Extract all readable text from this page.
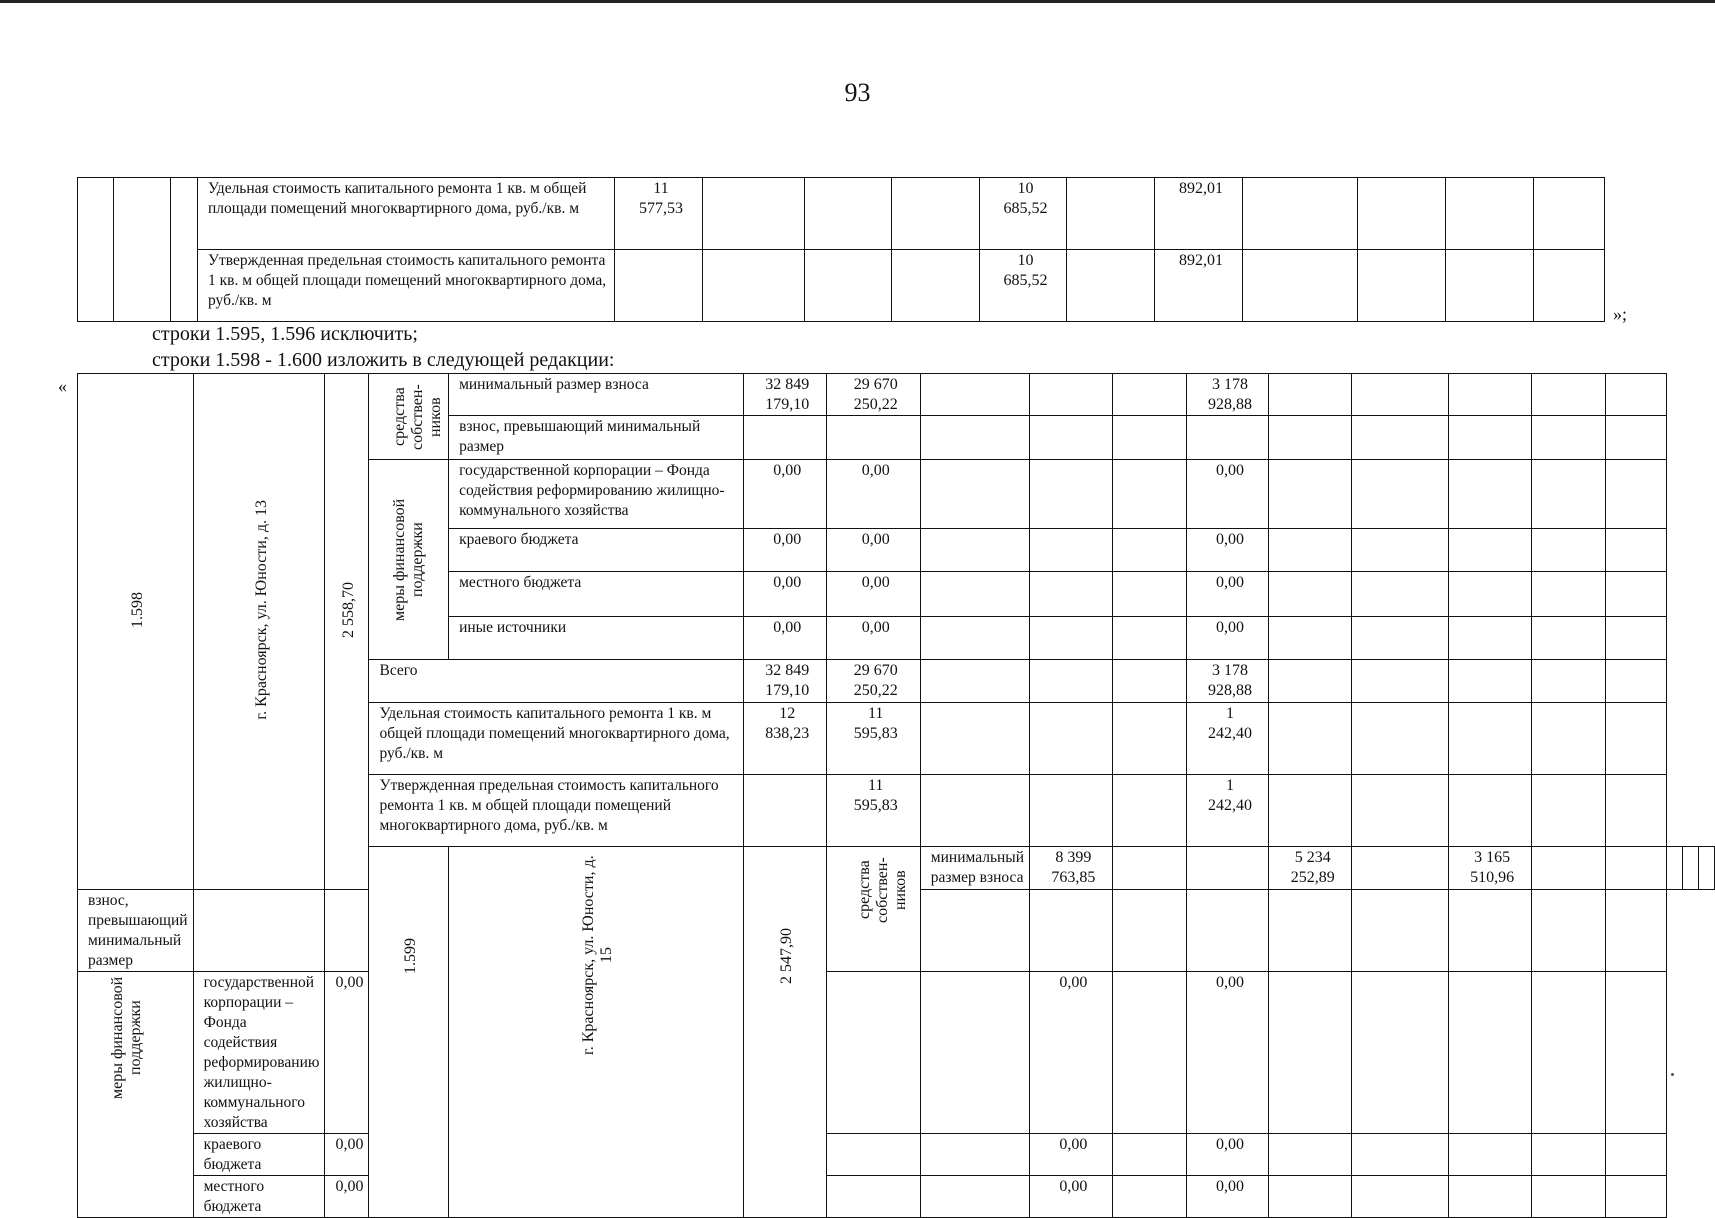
93
			Удельная стоимость капитального ремонта 1 кв. м общей площади помещений многоквартирного дома, руб./кв. м	11
577,53				10
685,52		892,01				
			Утвержденная предельная стоимость капитального ремонта 1 кв. м общей площади помещений многоквартирного дома, руб./кв. м					10
685,52		892,01				
»;
строки 1.595, 1.596 исключить;
строки 1.598 - 1.600 изложить в следующей редакции:
«
1.598	г. Красноярск, ул. Юности, д. 13	2 558,70	средства собствен-ников	минимальный размер взноса	32 849
179,10	29 670
250,22				3 178
928,88								
				взнос, превышающий минимальный размер														

			меры финансовой поддержки	государственной корпорации – Фонда содействия реформированию жилищно-коммунального хозяйства	0,00	0,00				0,00								
				краевого бюджета	0,00	0,00				0,00								
				местного бюджета	0,00	0,00				0,00								
				иные источники	0,00	0,00				0,00								
			Всего		32 849
179,10	29 670
250,22				3 178
928,88								
			Удельная стоимость капитального ремонта 1 кв. м общей площади помещений многоквартирного дома, руб./кв. м		12
838,23	11
595,83				1
242,40								
			Утвержденная предельная стоимость капитального ремонта 1 кв. м общей площади помещений многоквартирного дома, руб./кв. м			11
595,83				1
242,40								

			1.599	г. Красноярск, ул. Юности, д. 15	2 547,90	средства собствен-ников	минимальный размер взноса	8 399
763,85			5 234
252,89		3 165
510,96					
взнос, превышающий минимальный размер																		

меры финансовой поддержки	государственной корпорации – Фонда содействия реформированию жилищно-коммунального хозяйства	0,00						0,00		0,00								
	краевого бюджета	0,00						0,00		0,00								
	местного бюджета	0,00						0,00		0,00								
